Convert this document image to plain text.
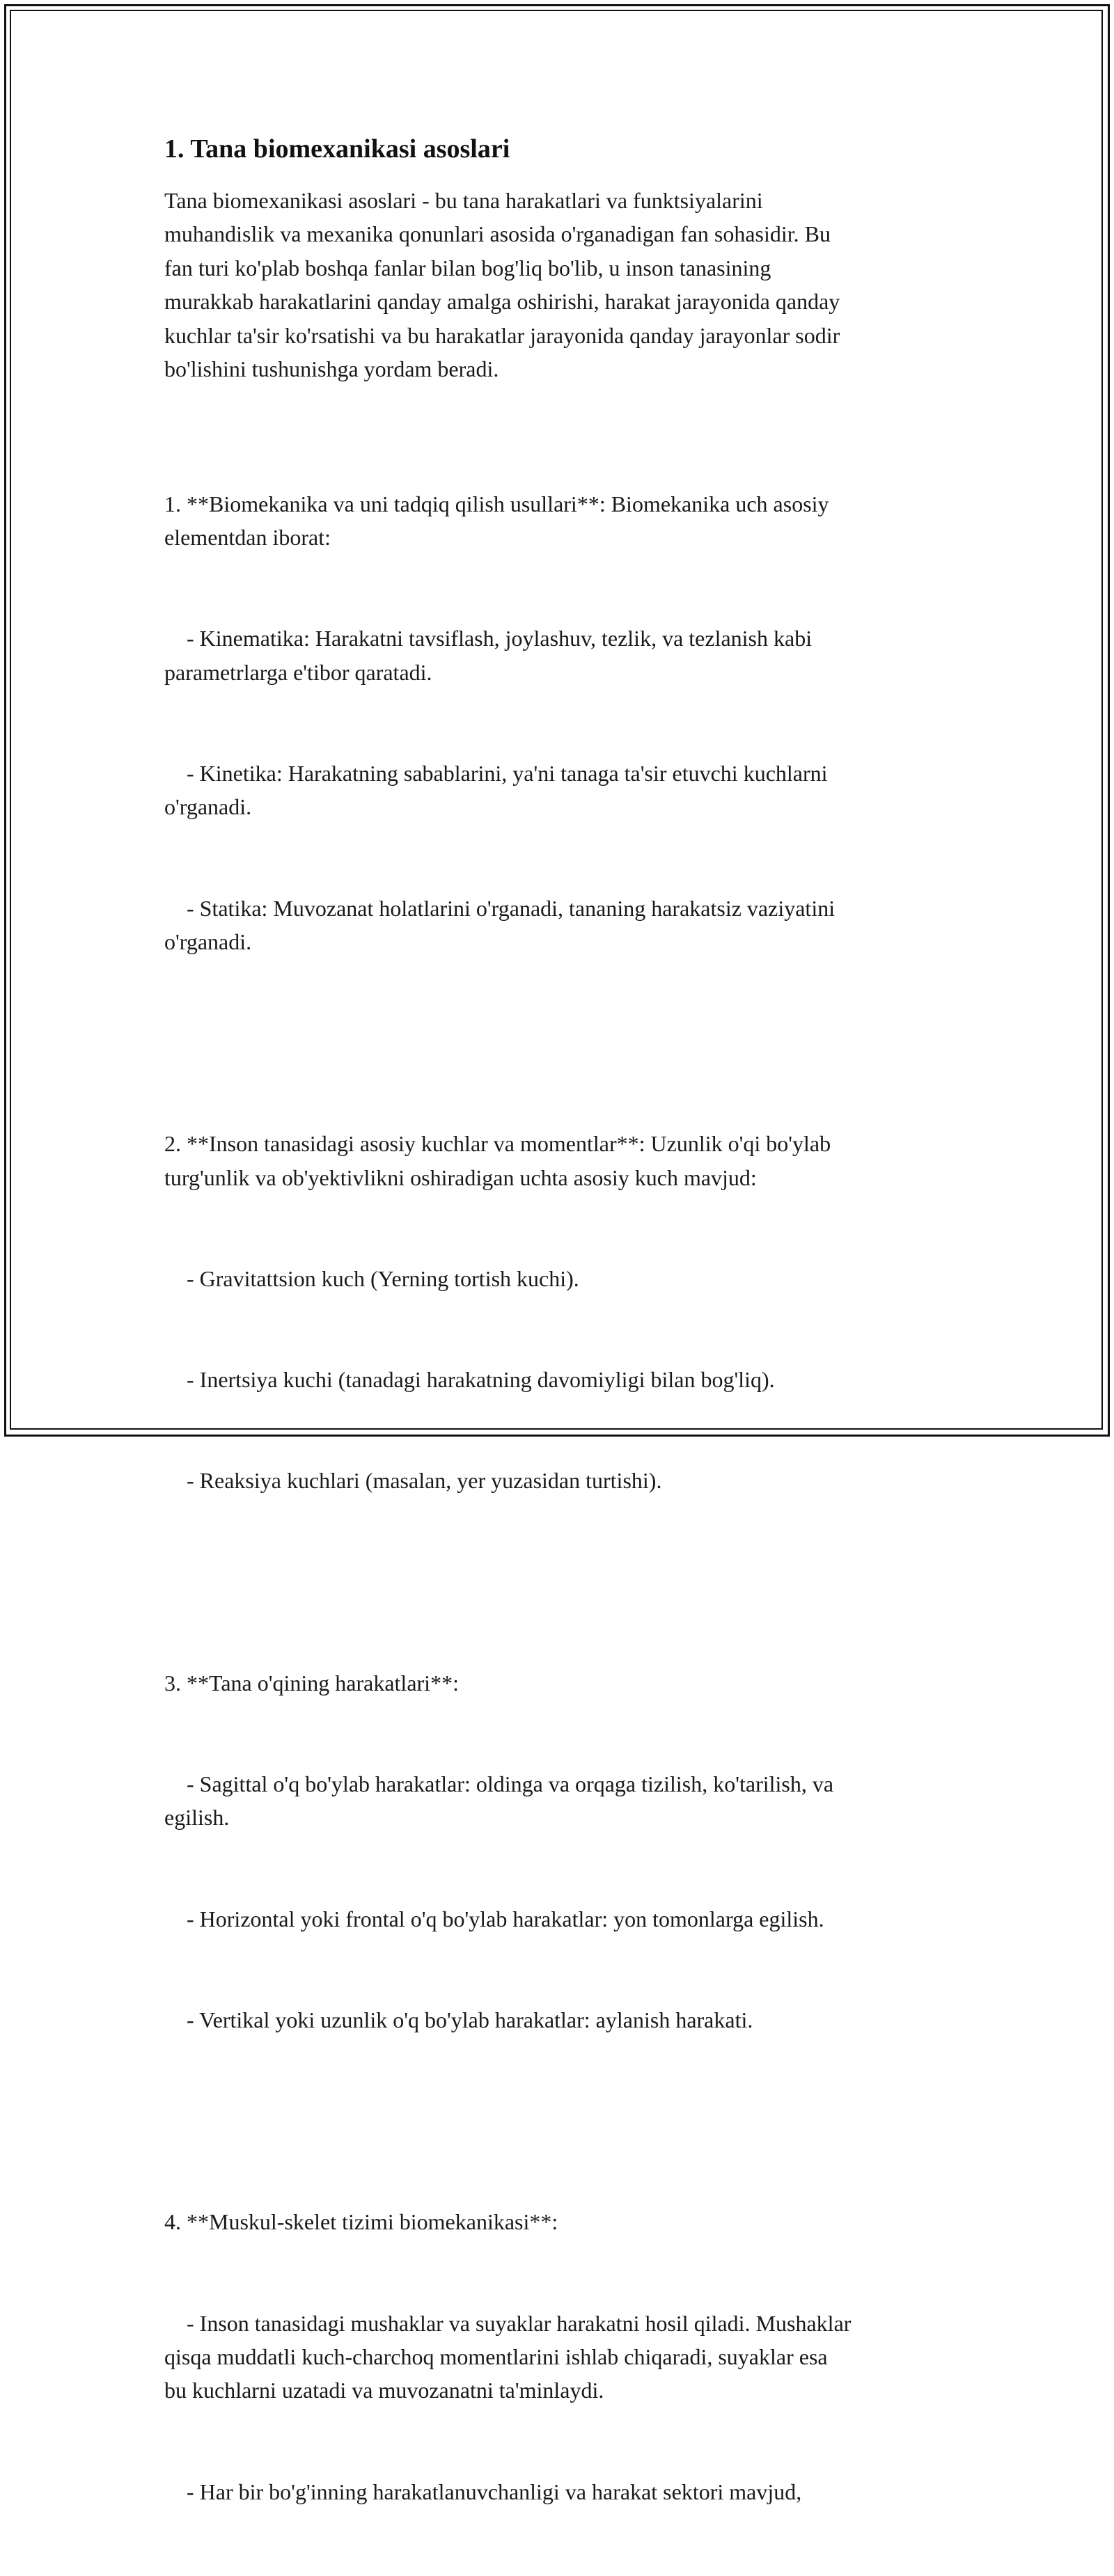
1. Tana biomexanikasi asoslari

Tana biomexanikasi asoslari - bu tana harakatlari va funktsiyalarini
muhandislik va mexanika qonunlari asosida o'rganadigan fan sohasidir. Bu
fan turi ko'plab boshqa fanlar bilan bog'liq bo'lib, u inson tanasining
murakkab harakatlarini qanday amalga oshirishi, harakat jarayonida qanday
kuchlar ta'sir ko'rsatishi va bu harakatlar jarayonida qanday jarayonlar sodir
bo'lishini tushunishga yordam beradi.

1. **Biomekanika va uni tadqiq qilish usullari**: Biomekanika uch asosiy
elementdan iborat:

- Kinematika: Harakatni tavsiflash, joylashuv, tezlik, va tezlanish kabi
parametrlarga e'tibor qaratadi.

- Kinetika: Harakatning sabablarini, ya'ni tanaga ta'sir etuvchi kuchlarni
o'rganadi.

- Statika: Muvozanat holatlarini o'rganadi, tananing harakatsiz vaziyatini
o'rganadi.

2. **Inson tanasidagi asosiy kuchlar va momentlar**: Uzunlik o'qi bo'ylab
turg'unlik va ob'yektivlikni oshiradigan uchta asosiy kuch mavjud:

- Gravitattsion kuch (Yerning tortish kuchi).

- Inertsiya kuchi (tanadagi harakatning davomiyligi bilan bog'liq).

- Reaksiya kuchlari (masalan, yer yuzasidan turtishi).

3. **Tana o'qining harakatlari**:

- Sagittal o'q bo'ylab harakatlar: oldinga va orqaga tizilish, ko'tarilish, va
egilish.

- Horizontal yoki frontal o'q bo'ylab harakatlar: yon tomonlarga egilish.

- Vertikal yoki uzunlik o'q bo'ylab harakatlar: aylanish harakati.

4. **Muskul-skelet tizimi biomekanikasi**:

- Inson tanasidagi mushaklar va suyaklar harakatni hosil qiladi. Mushaklar
qisqa muddatli kuch-charchoq momentlarini ishlab chiqaradi, suyaklar esa
bu kuchlarni uzatadi va muvozanatni ta'minlaydi.

- Har bir bo'g'inning harakatlanuvchanligi va harakat sektori mavjud,
